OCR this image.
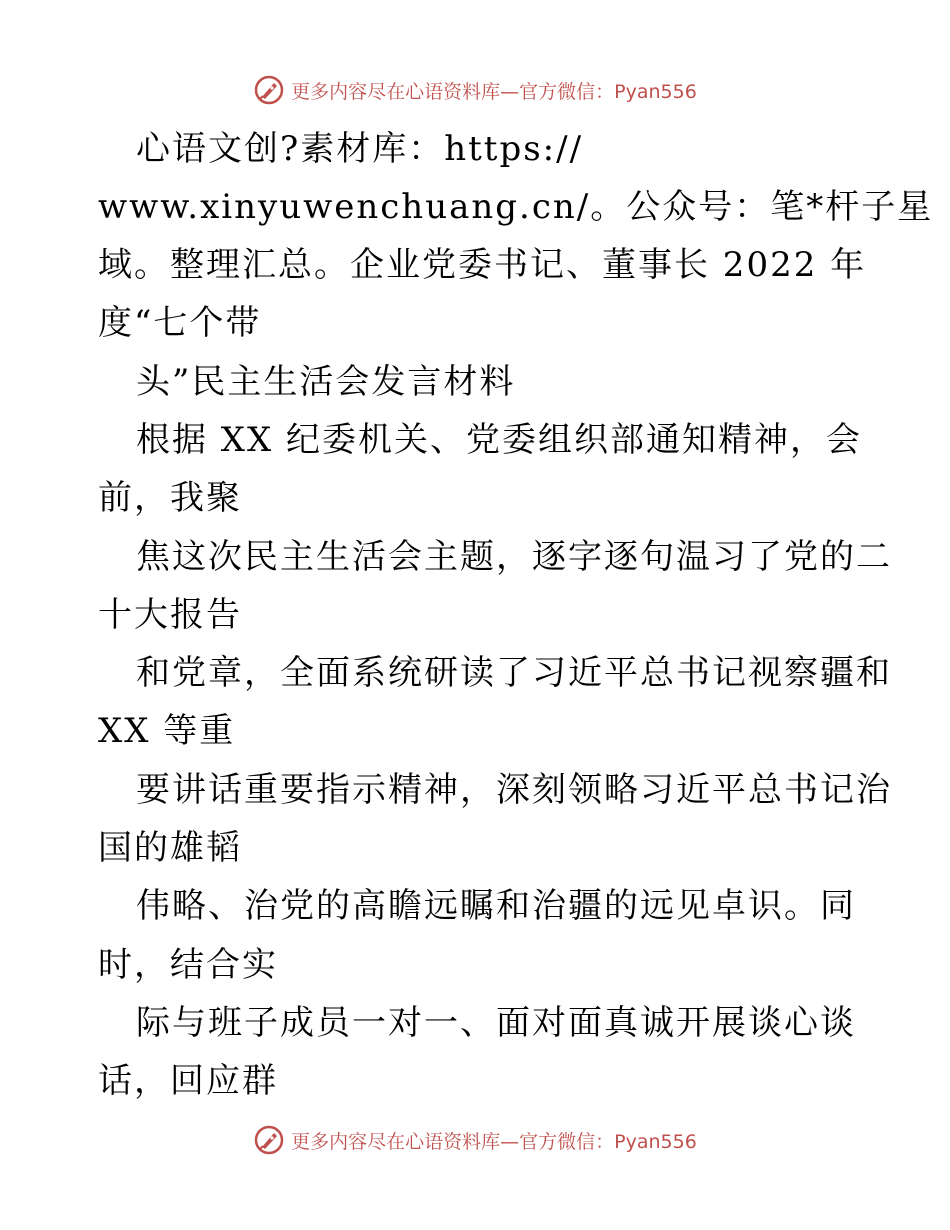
更多内容尽在心语资料库—官方微信：Pyan556
心语文创?素材库：https://
www.xinyuwenchuang.cn/。公众号：笔*杆子星
域。整理汇总。企业党委书记、董事长 2022 年
度“七个带
头”民主生活会发言材料
根据 XX 纪委机关、党委组织部通知精神，会
前，我聚
焦这次民主生活会主题，逐字逐句温习了党的二
十大报告
和党章，全面系统研读了习近平总书记视察疆和
XX 等重
要讲话重要指示精神，深刻领略习近平总书记治
国的雄韬
伟略、治党的高瞻远瞩和治疆的远见卓识。同
时，结合实
际与班子成员一对一、面对面真诚开展谈心谈
话，回应群
更多内容尽在心语资料库—官方微信：Pyan556
